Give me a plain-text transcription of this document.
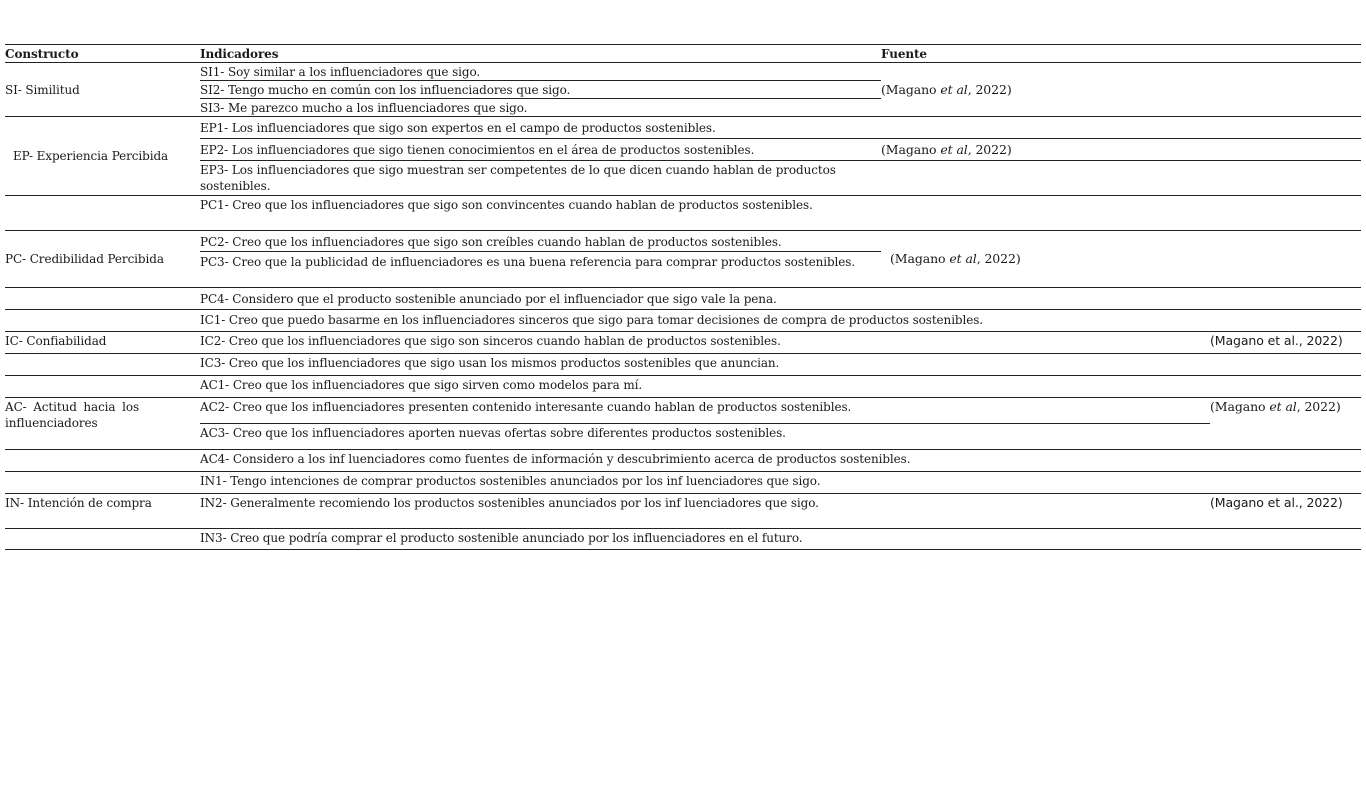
Constructo	Indicadores	Fuente
SI- Similitud
SI1- Soy similar a los influenciadores que sigo.
SI2- Tengo mucho en común con los influenciadores que sigo.
SI3- Me parezco mucho a los influenciadores que sigo.
(Magano et al, 2022)
EP- Experiencia Percibida
EP1- Los influenciadores que sigo son expertos en el campo de productos sostenibles.
EP2- Los influenciadores que sigo tienen conocimientos en el área de productos sostenibles.
EP3- Los influenciadores que sigo muestran ser competentes de lo que dicen cuando hablan de productos sostenibles.
(Magano et al, 2022)
PC- Credibilidad Percibida
PC1- Creo que los influenciadores que sigo son convincentes cuando hablan de productos sostenibles.
PC2- Creo que los influenciadores que sigo son creíbles cuando hablan de productos sostenibles.
PC3- Creo que la publicidad de influenciadores es una buena referencia para comprar productos sostenibles.
PC4- Considero que el producto sostenible anunciado por el influenciador que sigo vale la pena.
(Magano et al, 2022)
IC- Confiabilidad
IC1- Creo que puedo basarme en los influenciadores sinceros que sigo para tomar decisiones de compra de productos sostenibles.
IC2- Creo que los influenciadores que sigo son sinceros cuando hablan de productos sostenibles.
IC3- Creo que los influenciadores que sigo usan los mismos productos sostenibles que anuncian.
(Magano et al., 2022)
AC- Actitud hacia los influenciadores
AC1- Creo que los influenciadores que sigo sirven como modelos para mí.
AC2- Creo que los influenciadores presenten contenido interesante cuando hablan de productos sostenibles.
AC3- Creo que los influenciadores aporten nuevas ofertas sobre diferentes productos sostenibles.
AC4- Considero a los inf luenciadores como fuentes de información y descubrimiento acerca de productos sostenibles.
(Magano et al, 2022)
IN- Intención de compra
IN1- Tengo intenciones de comprar productos sostenibles anunciados por los inf luenciadores que sigo.
IN2- Generalmente recomiendo los productos sostenibles anunciados por los inf luenciadores que sigo.
IN3- Creo que podría comprar el producto sostenible anunciado por los influenciadores en el futuro.
(Magano et al., 2022)
